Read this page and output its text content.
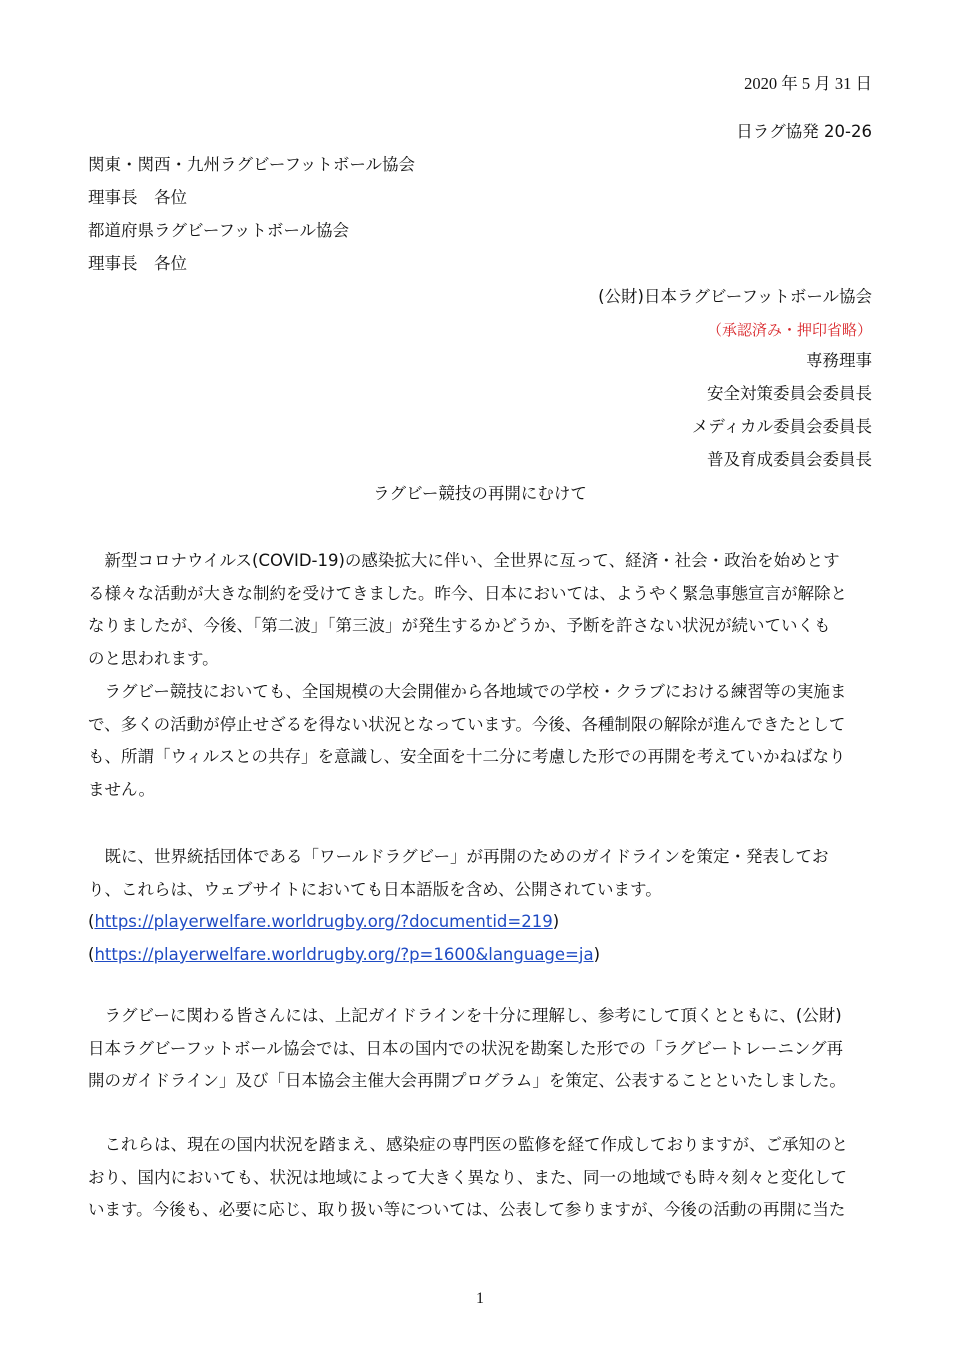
2020 年 5 月 31 日
日ラグ協発 20-26
関東・関西・九州ラグビーフットボール協会
理事長　各位
都道府県ラグビーフットボール協会
理事長　各位
(公財)日本ラグビーフットボール協会
（承認済み・押印省略）
専務理事
安全対策委員会委員長
メディカル委員会委員長
普及育成委員会委員長
ラグビー競技の再開にむけて

　新型コロナウイルス(COVID-19)の感染拡大に伴い、全世界に亙って、経済・社会・政治を始めとす

る様々な活動が大きな制約を受けてきました。昨今、日本においては、ようやく緊急事態宣言が解除と

なりましたが、今後、「第二波」「第三波」が発生するかどうか、予断を許さない状況が続いていくも

のと思われます。

　ラグビー競技においても、全国規模の大会開催から各地域での学校・クラブにおける練習等の実施ま

で、多くの活動が停止せざるを得ない状況となっています。今後、各種制限の解除が進んできたとして

も、所謂「ウィルスとの共存」を意識し、安全面を十二分に考慮した形での再開を考えていかねばなり

ません。

　既に、世界統括団体である「ワールドラグビー」が再開のためのガイドラインを策定・発表してお

り、これらは、ウェブサイトにおいても日本語版を含め、公開されています。

(https://playerwelfare.worldrugby.org/?documentid=219)

(https://playerwelfare.worldrugby.org/?p=1600&language=ja)

　ラグビーに関わる皆さんには、上記ガイドラインを十分に理解し、参考にして頂くとともに、(公財)

日本ラグビーフットボール協会では、日本の国内での状況を勘案した形での「ラグビートレーニング再

開のガイドライン」及び「日本協会主催大会再開プログラム」を策定、公表することといたしました。

　これらは、現在の国内状況を踏まえ、感染症の専門医の監修を経て作成しておりますが、ご承知のと

おり、国内においても、状況は地域によって大きく異なり、また、同一の地域でも時々刻々と変化して

います。今後も、必要に応じ、取り扱い等については、公表して参りますが、今後の活動の再開に当た

1
